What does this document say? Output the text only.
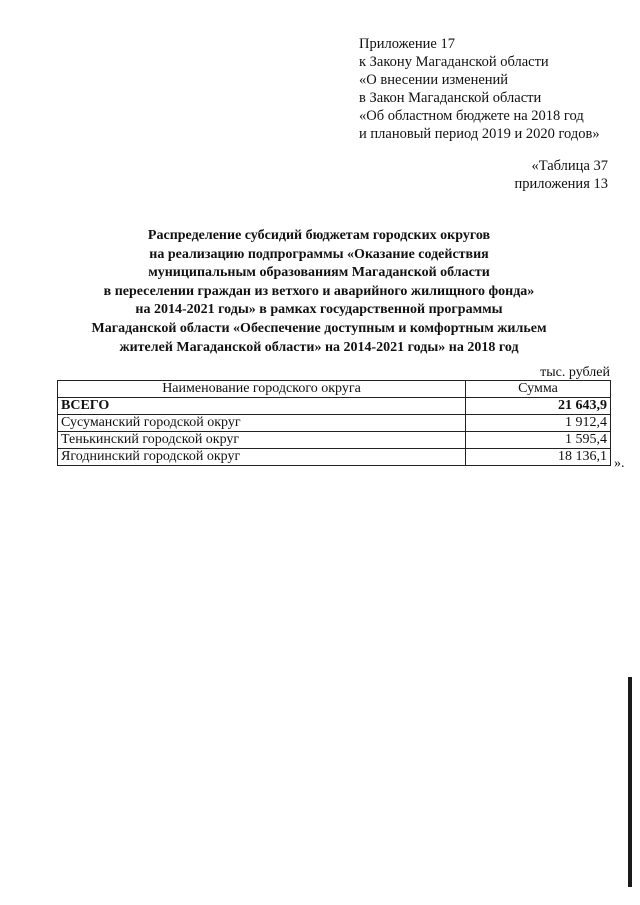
Приложение 17
к Закону Магаданской области
«О внесении изменений
в Закон Магаданской области
«Об областном бюджете на 2018 год
и плановый период 2019 и 2020 годов»
«Таблица 37
приложения 13
Распределение субсидий бюджетам городских округов
на реализацию подпрограммы «Оказание содействия
муниципальным образованиям Магаданской области
в переселении граждан из ветхого и аварийного жилищного фонда»
на 2014-2021 годы» в рамках государственной программы
Магаданской области «Обеспечение доступным и комфортным жильем
жителей Магаданской области» на 2014-2021 годы» на 2018 год
тыс. рублей
Наименование городского округа	Сумма
ВСЕГО	21 643,9
Сусуманский городской округ	1 912,4
Тенькинский городской округ	1 595,4
Ягоднинский городской округ	18 136,1 ».
